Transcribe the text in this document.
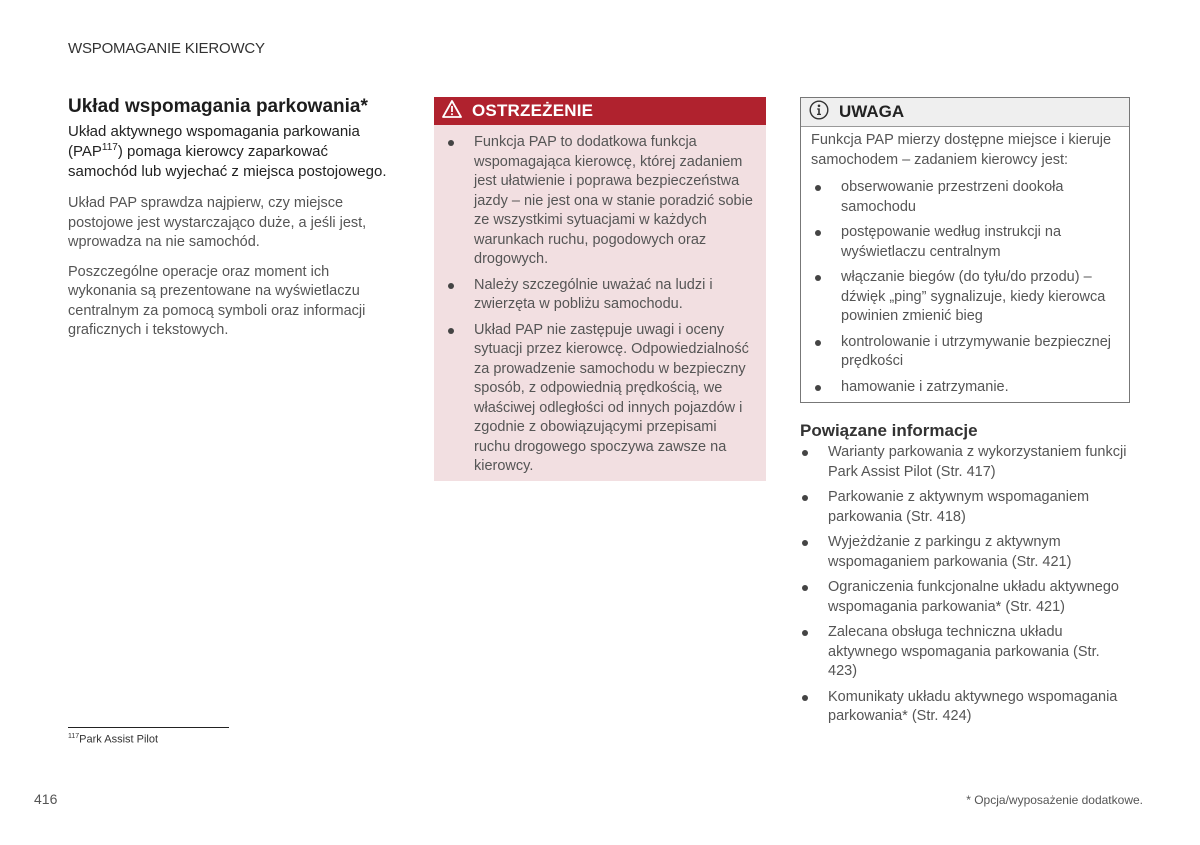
WSPOMAGANIE KIEROWCY
Układ wspomagania parkowania*

Układ aktywnego wspomagania parkowania (PAP$^{117}$) pomaga kierowcy zaparkować samochód lub wyjechać z miejsca postojowego.

Układ PAP sprawdza najpierw, czy miejsce postojowe jest wystarczająco duże, a jeśli jest, wprowadza na nie samochód.

Poszczególne operacje oraz moment ich wykonania są prezentowane na wyświetlaczu centralnym za pomocą symboli oraz informacji graficznych i tekstowych.

OSTRZEŻENIE
Funkcja PAP to dodatkowa funkcja wspomagająca kierowcę, której zadaniem jest ułatwienie i poprawa bezpieczeństwa jazdy – nie jest ona w stanie poradzić sobie ze wszystkimi sytuacjami w każdych warunkach ruchu, pogodowych oraz drogowych.
Należy szczególnie uważać na ludzi i zwierzęta w pobliżu samochodu.
Układ PAP nie zastępuje uwagi i oceny sytuacji przez kierowcę. Odpowiedzialność za prowadzenie samochodu w bezpieczny sposób, z odpowiednią prędkością, we właściwej odległości od innych pojazdów i zgodnie z obowiązującymi przepisami ruchu drogowego spoczywa zawsze na kierowcy.
UWAGA

Funkcja PAP mierzy dostępne miejsce i kieruje samochodem – zadaniem kierowcy jest:

obserwowanie przestrzeni dookoła samochodu
postępowanie według instrukcji na wyświetlaczu centralnym
włączanie biegów (do tyłu/do przodu) – dźwięk „ping” sygnalizuje, kiedy kierowca powinien zmienić bieg
kontrolowanie i utrzymywanie bezpiecznej prędkości
hamowanie i zatrzymanie.
Powiązane informacje
Warianty parkowania z wykorzystaniem funkcji Park Assist Pilot (Str. 417)
Parkowanie z aktywnym wspomaganiem parkowania (Str. 418)
Wyjeżdżanie z parkingu z aktywnym wspomaganiem parkowania (Str. 421)
Ograniczenia funkcjonalne układu aktywnego wspomagania parkowania* (Str. 421)
Zalecana obsługa techniczna układu aktywnego wspomagania parkowania (Str. 423)
Komunikaty układu aktywnego wspomagania parkowania* (Str. 424)
$^{117}$Park Assist Pilot
416	* Opcja/wyposażenie dodatkowe.
